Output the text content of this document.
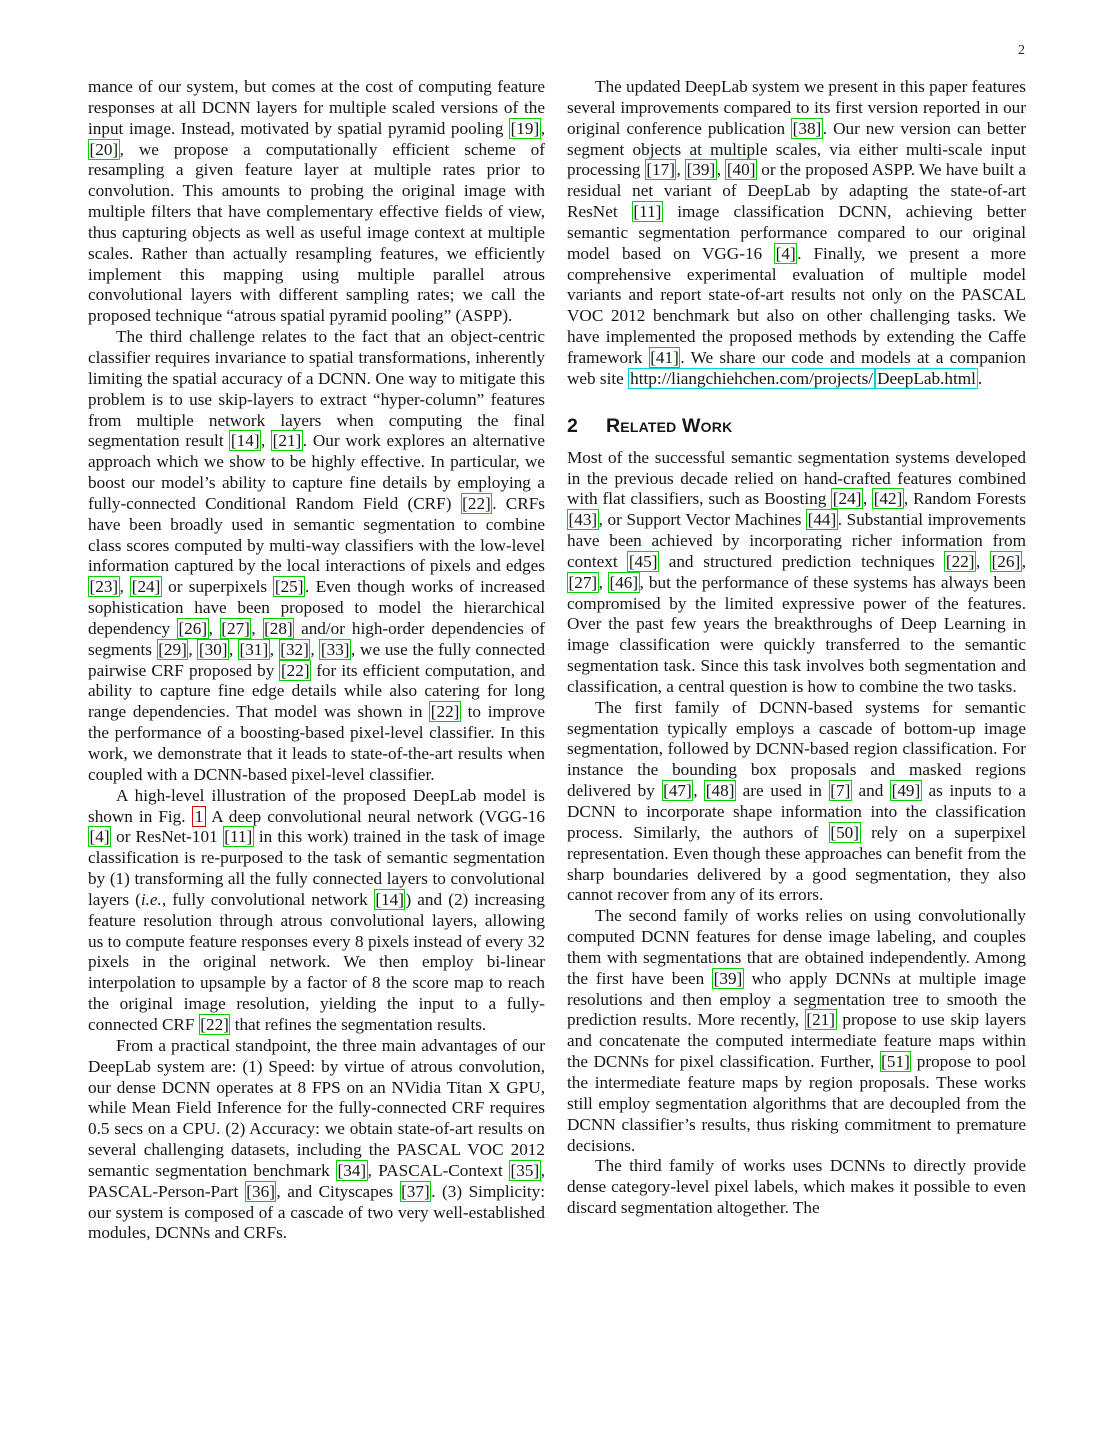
2

mance of our system, but comes at the cost of computing feature responses at all DCNN layers for multiple scaled versions of the input image. Instead, motivated by spatial pyramid pooling [19], [20], we propose a computationally efficient scheme of resampling a given feature layer at multiple rates prior to convolution. This amounts to probing the original image with multiple filters that have complementary effective fields of view, thus capturing objects as well as useful image context at multiple scales. Rather than actually resampling features, we efficiently implement this mapping using multiple parallel atrous convolutional layers with different sampling rates; we call the proposed technique “atrous spatial pyramid pooling” (ASPP).

The third challenge relates to the fact that an object-centric classifier requires invariance to spatial transformations, inherently limiting the spatial accuracy of a DCNN. One way to mitigate this problem is to use skip-layers to extract “hyper-column” features from multiple network layers when computing the final segmentation result [14], [21]. Our work explores an alternative approach which we show to be highly effective. In particular, we boost our model’s ability to capture fine details by employing a fully-connected Conditional Random Field (CRF) [22]. CRFs have been broadly used in semantic segmentation to combine class scores computed by multi-way classifiers with the low-level information captured by the local interactions of pixels and edges [23], [24] or superpixels [25]. Even though works of increased sophistication have been proposed to model the hierarchical dependency [26], [27], [28] and/or high-order dependencies of segments [29], [30], [31], [32], [33], we use the fully connected pairwise CRF proposed by [22] for its efficient computation, and ability to capture fine edge details while also catering for long range dependencies. That model was shown in [22] to improve the performance of a boosting-based pixel-level classifier. In this work, we demonstrate that it leads to state-of-the-art results when coupled with a DCNN-based pixel-level classifier.

A high-level illustration of the proposed DeepLab model is shown in Fig. 1 A deep convolutional neural network (VGG-16 [4] or ResNet-101 [11] in this work) trained in the task of image classification is re-purposed to the task of semantic segmentation by (1) transforming all the fully connected layers to convolutional layers (i.e., fully convolutional network [14]) and (2) increasing feature resolution through atrous convolutional layers, allowing us to compute feature responses every 8 pixels instead of every 32 pixels in the original network. We then employ bi-linear interpolation to upsample by a factor of 8 the score map to reach the original image resolution, yielding the input to a fully-connected CRF [22] that refines the segmentation results.

From a practical standpoint, the three main advantages of our DeepLab system are: (1) Speed: by virtue of atrous convolution, our dense DCNN operates at 8 FPS on an NVidia Titan X GPU, while Mean Field Inference for the fully-connected CRF requires 0.5 secs on a CPU. (2) Accuracy: we obtain state-of-art results on several challenging datasets, including the PASCAL VOC 2012 semantic segmentation benchmark [34], PASCAL-Context [35], PASCAL-Person-Part [36], and Cityscapes [37]. (3) Simplicity: our system is composed of a cascade of two very well-established modules, DCNNs and CRFs.

The updated DeepLab system we present in this paper features several improvements compared to its first version reported in our original conference publication [38]. Our new version can better segment objects at multiple scales, via either multi-scale input processing [17], [39], [40] or the proposed ASPP. We have built a residual net variant of DeepLab by adapting the state-of-art ResNet [11] image classification DCNN, achieving better semantic segmentation performance compared to our original model based on VGG-16 [4]. Finally, we present a more comprehensive experimental evaluation of multiple model variants and report state-of-art results not only on the PASCAL VOC 2012 benchmark but also on other challenging tasks. We have implemented the proposed methods by extending the Caffe framework [41]. We share our code and models at a companion web site http://liangchiehchen.com/projects/ DeepLab.html .

2 Related Work

Most of the successful semantic segmentation systems developed in the previous decade relied on hand-crafted features combined with flat classifiers, such as Boosting [24], [42], Random Forests [43], or Support Vector Machines [44]. Substantial improvements have been achieved by incorporating richer information from context [45] and structured prediction techniques [22], [26], [27], [46], but the performance of these systems has always been compromised by the limited expressive power of the features. Over the past few years the breakthroughs of Deep Learning in image classification were quickly transferred to the semantic segmentation task. Since this task involves both segmentation and classification, a central question is how to combine the two tasks.

The first family of DCNN-based systems for semantic segmentation typically employs a cascade of bottom-up image segmentation, followed by DCNN-based region classification. For instance the bounding box proposals and masked regions delivered by [47], [48] are used in [7] and [49] as inputs to a DCNN to incorporate shape information into the classification process. Similarly, the authors of [50] rely on a superpixel representation. Even though these approaches can benefit from the sharp boundaries delivered by a good segmentation, they also cannot recover from any of its errors.

The second family of works relies on using convolutionally computed DCNN features for dense image labeling, and couples them with segmentations that are obtained independently. Among the first have been [39] who apply DCNNs at multiple image resolutions and then employ a segmentation tree to smooth the prediction results. More recently, [21] propose to use skip layers and concatenate the computed intermediate feature maps within the DCNNs for pixel classification. Further, [51] propose to pool the intermediate feature maps by region proposals. These works still employ segmentation algorithms that are decoupled from the DCNN classifier’s results, thus risking commitment to premature decisions.

The third family of works uses DCNNs to directly provide dense category-level pixel labels, which makes it possible to even discard segmentation altogether. The
